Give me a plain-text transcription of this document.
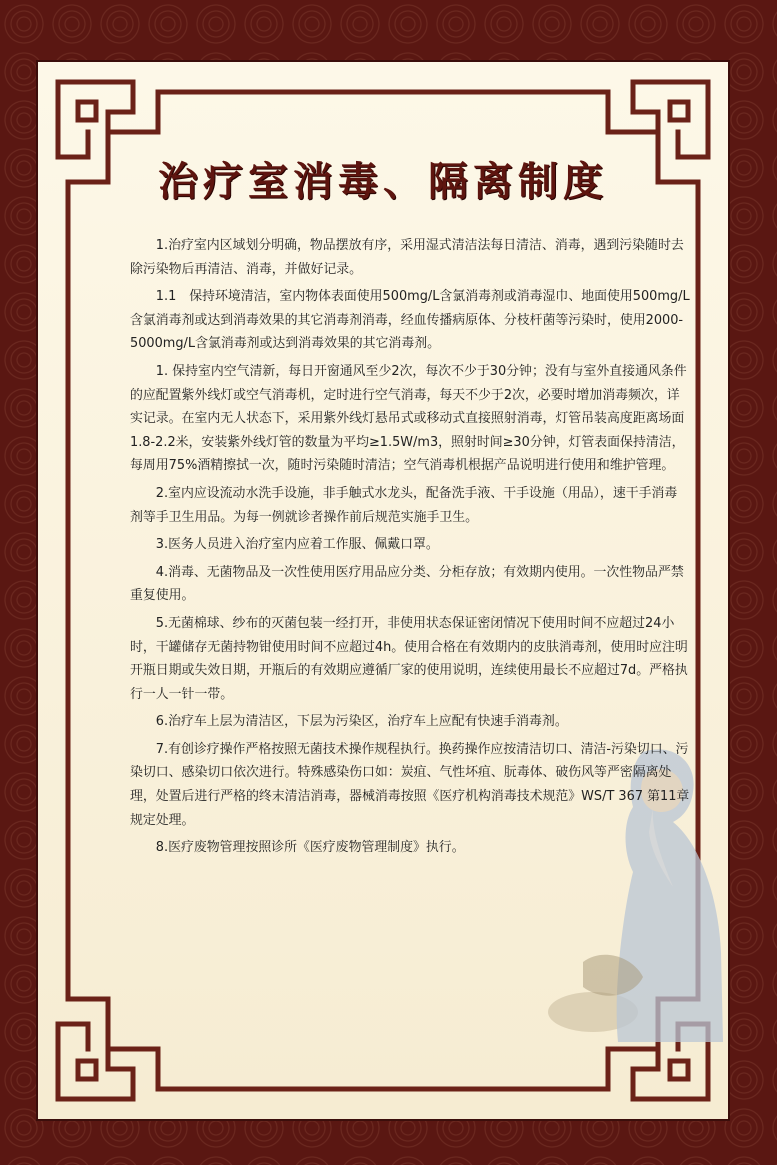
治疗室消毒、隔离制度

1.治疗室内区域划分明确，物品摆放有序，采用湿式清洁法每日清洁、消毒，遇到污染随时去除污染物后再清洁、消毒，并做好记录。

1.1　保持环境清洁，室内物体表面使用500mg/L含氯消毒剂或消毒湿巾、地面使用500mg/L含氯消毒剂或达到消毒效果的其它消毒剂消毒，经血传播病原体、分枝杆菌等污染时，使用2000-5000mg/L含氯消毒剂或达到消毒效果的其它消毒剂。

1. 保持室内空气清新，每日开窗通风至少2次，每次不少于30分钟；没有与室外直接通风条件的应配置紫外线灯或空气消毒机，定时进行空气消毒，每天不少于2次，必要时增加消毒频次，详实记录。在室内无人状态下，采用紫外线灯悬吊式或移动式直接照射消毒，灯管吊装高度距离场面1.8-2.2米，安装紫外线灯管的数量为平均≥1.5W/m3，照射时间≥30分钟，灯管表面保持清洁，每周用75%酒精擦拭一次，随时污染随时清洁；空气消毒机根据产品说明进行使用和维护管理。

2.室内应设流动水洗手设施，非手触式水龙头，配备洗手液、干手设施（用品），速干手消毒剂等手卫生用品。为每一例就诊者操作前后规范实施手卫生。

3.医务人员进入治疗室内应着工作服、佩戴口罩。

4.消毒、无菌物品及一次性使用医疗用品应分类、分柜存放；有效期内使用。一次性物品严禁重复使用。

5.无菌棉球、纱布的灭菌包装一经打开，非使用状态保证密闭情况下使用时间不应超过24小时，干罐储存无菌持物钳使用时间不应超过4h。使用合格在有效期内的皮肤消毒剂，使用时应注明开瓶日期或失效日期，开瓶后的有效期应遵循厂家的使用说明，连续使用最长不应超过7d。严格执行一人一针一带。

6.治疗车上层为清洁区，下层为污染区，治疗车上应配有快速手消毒剂。

7.有创诊疗操作严格按照无菌技术操作规程执行。换药操作应按清洁切口、清洁-污染切口、污染切口、感染切口依次进行。特殊感染伤口如：炭疽、气性坏疽、朊毒体、破伤风等严密隔离处理，处置后进行严格的终末清洁消毒，器械消毒按照《医疗机构消毒技术规范》WS/T 367 第11章规定处理。

8.医疗废物管理按照诊所《医疗废物管理制度》执行。
